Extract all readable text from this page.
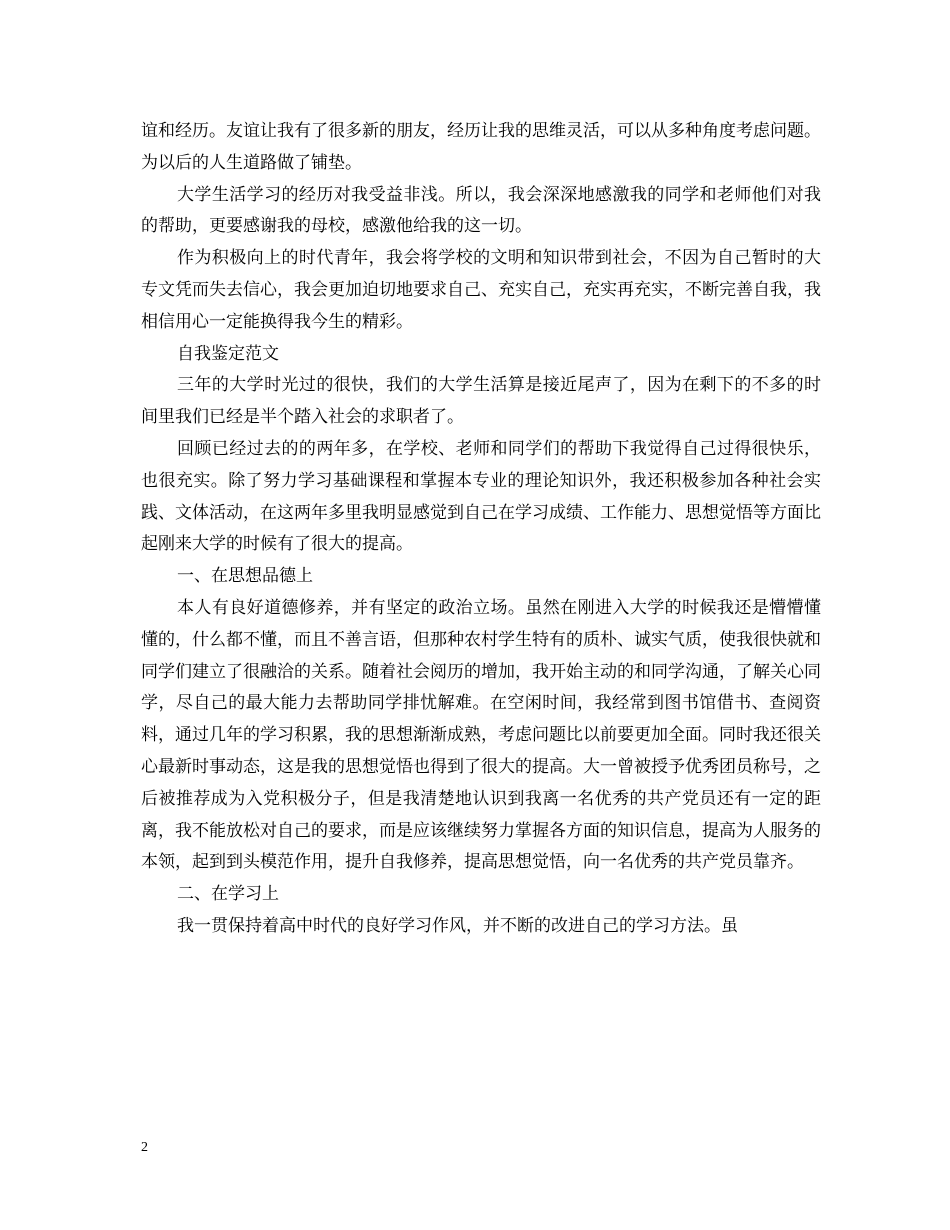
谊和经历。友谊让我有了很多新的朋友，经历让我的思维灵活，可以从多种角度考虑问题。为以后的人生道路做了铺垫。

大学生活学习的经历对我受益非浅。所以，我会深深地感激我的同学和老师他们对我的帮助，更要感谢我的母校，感激他给我的这一切。

作为积极向上的时代青年，我会将学校的文明和知识带到社会，不因为自己暂时的大专文凭而失去信心，我会更加迫切地要求自己、充实自己，充实再充实，不断完善自我，我相信用心一定能换得我今生的精彩。

自我鉴定范文

三年的大学时光过的很快，我们的大学生活算是接近尾声了，因为在剩下的不多的时间里我们已经是半个踏入社会的求职者了。

回顾已经过去的的两年多，在学校、老师和同学们的帮助下我觉得自己过得很快乐，也很充实。除了努力学习基础课程和掌握本专业的理论知识外，我还积极参加各种社会实践、文体活动，在这两年多里我明显感觉到自己在学习成绩、工作能力、思想觉悟等方面比起刚来大学的时候有了很大的提高。

一、在思想品德上

本人有良好道德修养，并有坚定的政治立场。虽然在刚进入大学的时候我还是懵懵懂懂的，什么都不懂，而且不善言语，但那种农村学生特有的质朴、诚实气质，使我很快就和同学们建立了很融洽的关系。随着社会阅历的增加，我开始主动的和同学沟通，了解关心同学，尽自己的最大能力去帮助同学排忧解难。在空闲时间，我经常到图书馆借书、查阅资料，通过几年的学习积累，我的思想渐渐成熟，考虑问题比以前要更加全面。同时我还很关心最新时事动态，这是我的思想觉悟也得到了很大的提高。大一曾被授予优秀团员称号，之后被推荐成为入党积极分子，但是我清楚地认识到我离一名优秀的共产党员还有一定的距离，我不能放松对自己的要求，而是应该继续努力掌握各方面的知识信息，提高为人服务的本领，起到到头模范作用，提升自我修养，提高思想觉悟，向一名优秀的共产党员靠齐。

二、在学习上

我一贯保持着高中时代的良好学习作风，并不断的改进自己的学习方法。虽

2
